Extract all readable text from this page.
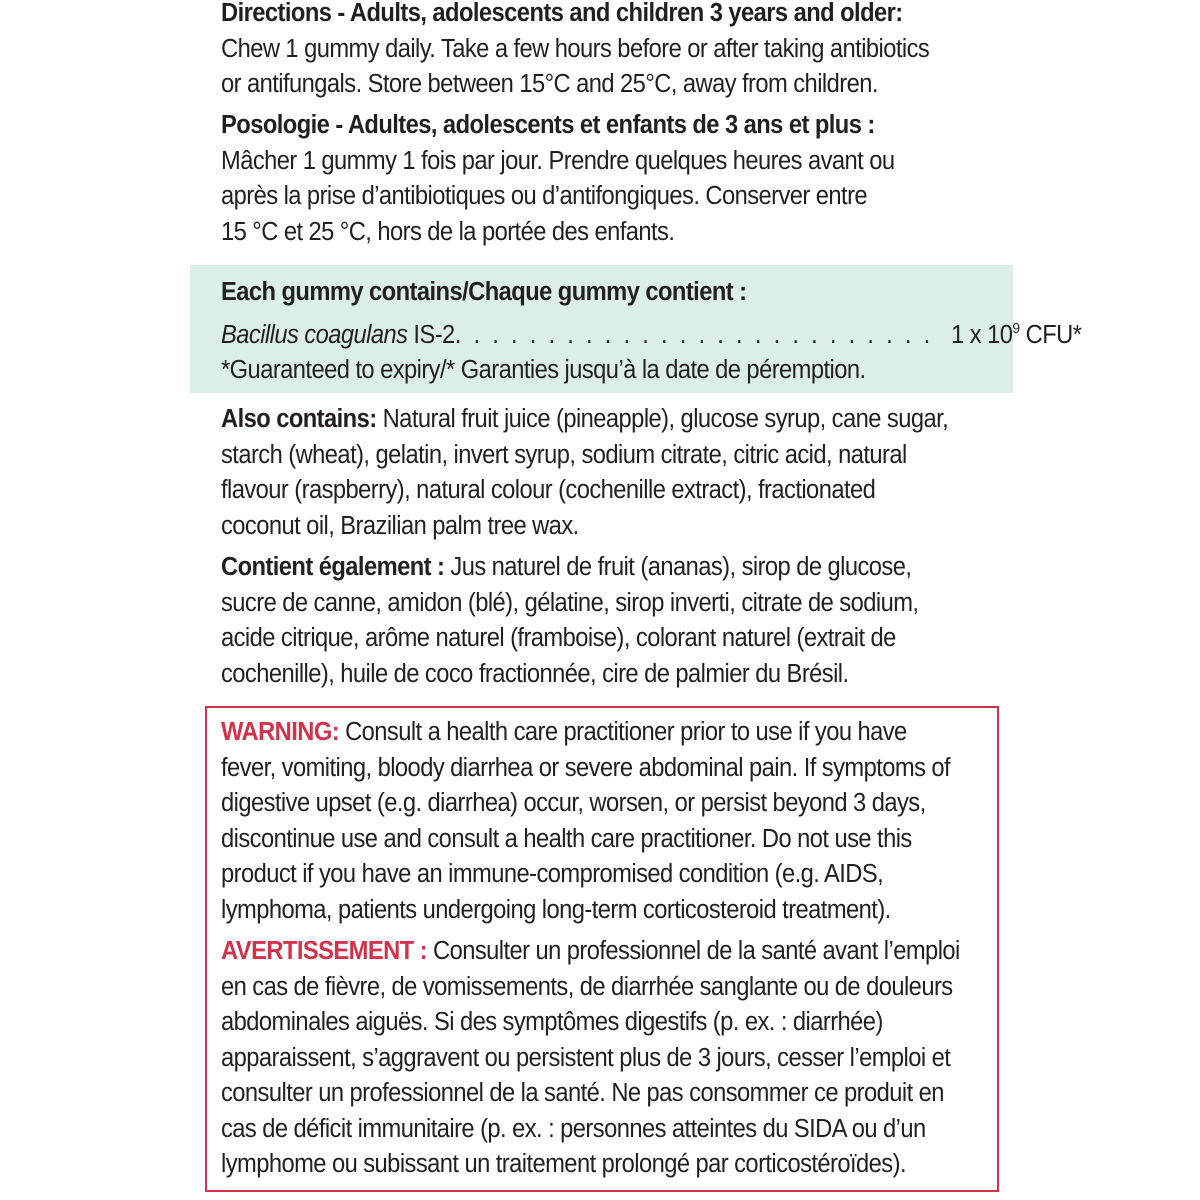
Directions - Adults, adolescents and children 3 years and older:
Chew 1 gummy daily. Take a few hours before or after taking antibiotics
or antifungals. Store between 15°C and 25°C, away from children.
Posologie - Adultes, adolescents et enfants de 3 ans et plus :
Mâcher 1 gummy 1 fois par jour. Prendre quelques heures avant ou
après la prise d’antibiotiques ou d’antifongiques. Conserver entre
15 °C et 25 °C, hors de la portée des enfants.
Each gummy contains/Chaque gummy contient :
Bacillus coagulans IS-2. . . . . . . . . . . . . . . . . . . . . . . . . . 1 x $10^9$ CFU*
*Guaranteed to expiry/* Garanties jusqu’à la date de péremption.
Also contains: Natural fruit juice (pineapple), glucose syrup, cane sugar,
starch (wheat), gelatin, invert syrup, sodium citrate, citric acid, natural
flavour (raspberry), natural colour (cochenille extract), fractionated
coconut oil, Brazilian palm tree wax.
Contient également : Jus naturel de fruit (ananas), sirop de glucose,
sucre de canne, amidon (blé), gélatine, sirop inverti, citrate de sodium,
acide citrique, arôme naturel (framboise), colorant naturel (extrait de
cochenille), huile de coco fractionnée, cire de palmier du Brésil.
WARNING: Consult a health care practitioner prior to use if you have
fever, vomiting, bloody diarrhea or severe abdominal pain. If symptoms of
digestive upset (e.g. diarrhea) occur, worsen, or persist beyond 3 days,
discontinue use and consult a health care practitioner. Do not use this
product if you have an immune-compromised condition (e.g. AIDS,
lymphoma, patients undergoing long-term corticosteroid treatment).
AVERTISSEMENT : Consulter un professionnel de la santé avant l’emploi
en cas de fièvre, de vomissements, de diarrhée sanglante ou de douleurs
abdominales aiguës. Si des symptômes digestifs (p. ex. : diarrhée)
apparaissent, s’aggravent ou persistent plus de 3 jours, cesser l’emploi et
consulter un professionnel de la santé. Ne pas consommer ce produit en
cas de déficit immunitaire (p. ex. : personnes atteintes du SIDA ou d’un
lymphome ou subissant un traitement prolongé par corticostéroïdes).
